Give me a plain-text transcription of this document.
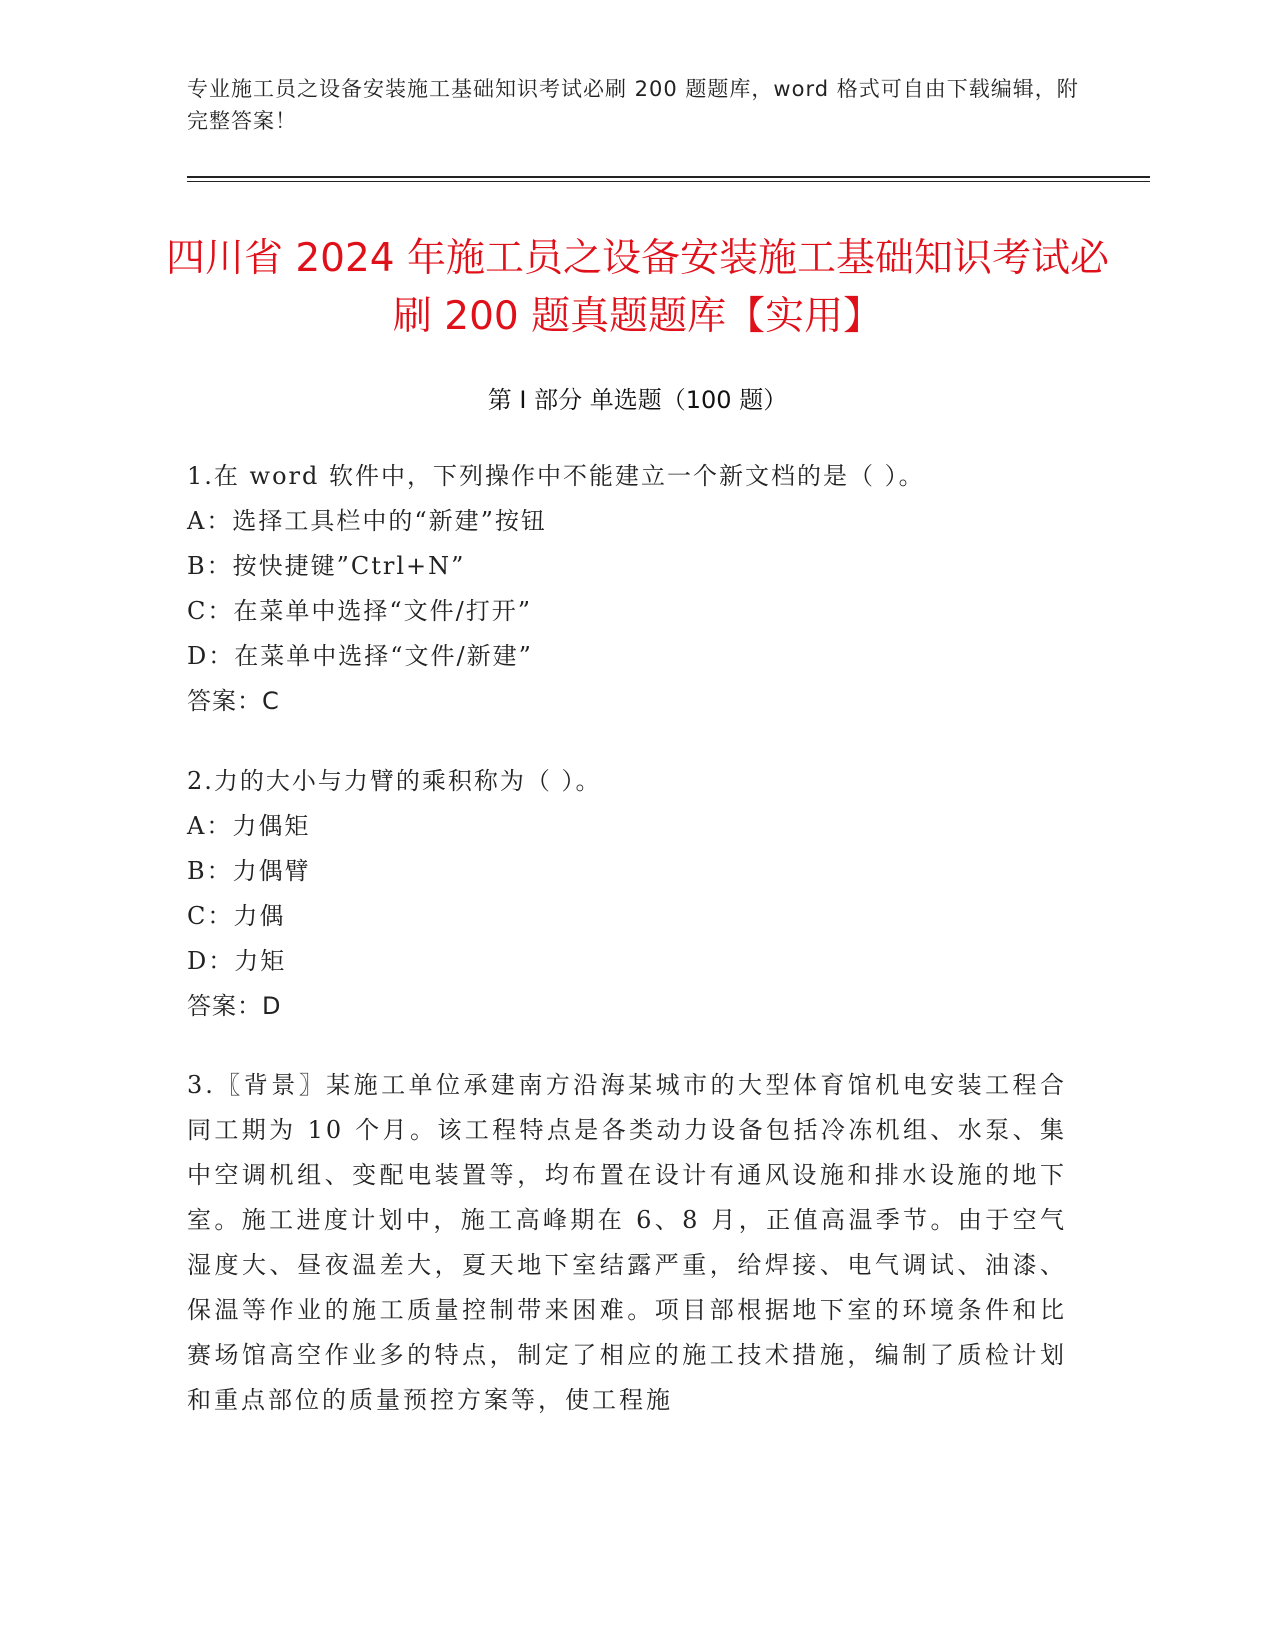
专业施工员之设备安装施工基础知识考试必刷 200 题题库，word 格式可自由下载编辑，附完整答案！
四川省 2024 年施工员之设备安装施工基础知识考试必刷 200 题真题题库【实用】
第 I 部分 单选题（100 题）
1.在 word 软件中，下列操作中不能建立一个新文档的是（ ）。
A：选择工具栏中的“新建”按钮
B：按快捷键”Ctrl+N”
C：在菜单中选择“文件/打开”
D：在菜单中选择“文件/新建”
答案：C
2.力的大小与力臂的乘积称为（ ）。
A：力偶矩
B：力偶臂
C：力偶
D：力矩
答案：D
3.〖背景〗某施工单位承建南方沿海某城市的大型体育馆机电安装工程合同工期为 10 个月。该工程特点是各类动力设备包括冷冻机组、水泵、集中空调机组、变配电装置等，均布置在设计有通风设施和排水设施的地下室。施工进度计划中，施工高峰期在 6、8 月，正值高温季节。由于空气湿度大、昼夜温差大，夏天地下室结露严重，给焊接、电气调试、油漆、保温等作业的施工质量控制带来困难。项目部根据地下室的环境条件和比赛场馆高空作业多的特点，制定了相应的施工技术措施，编制了质检计划和重点部位的质量预控方案等，使工程施
